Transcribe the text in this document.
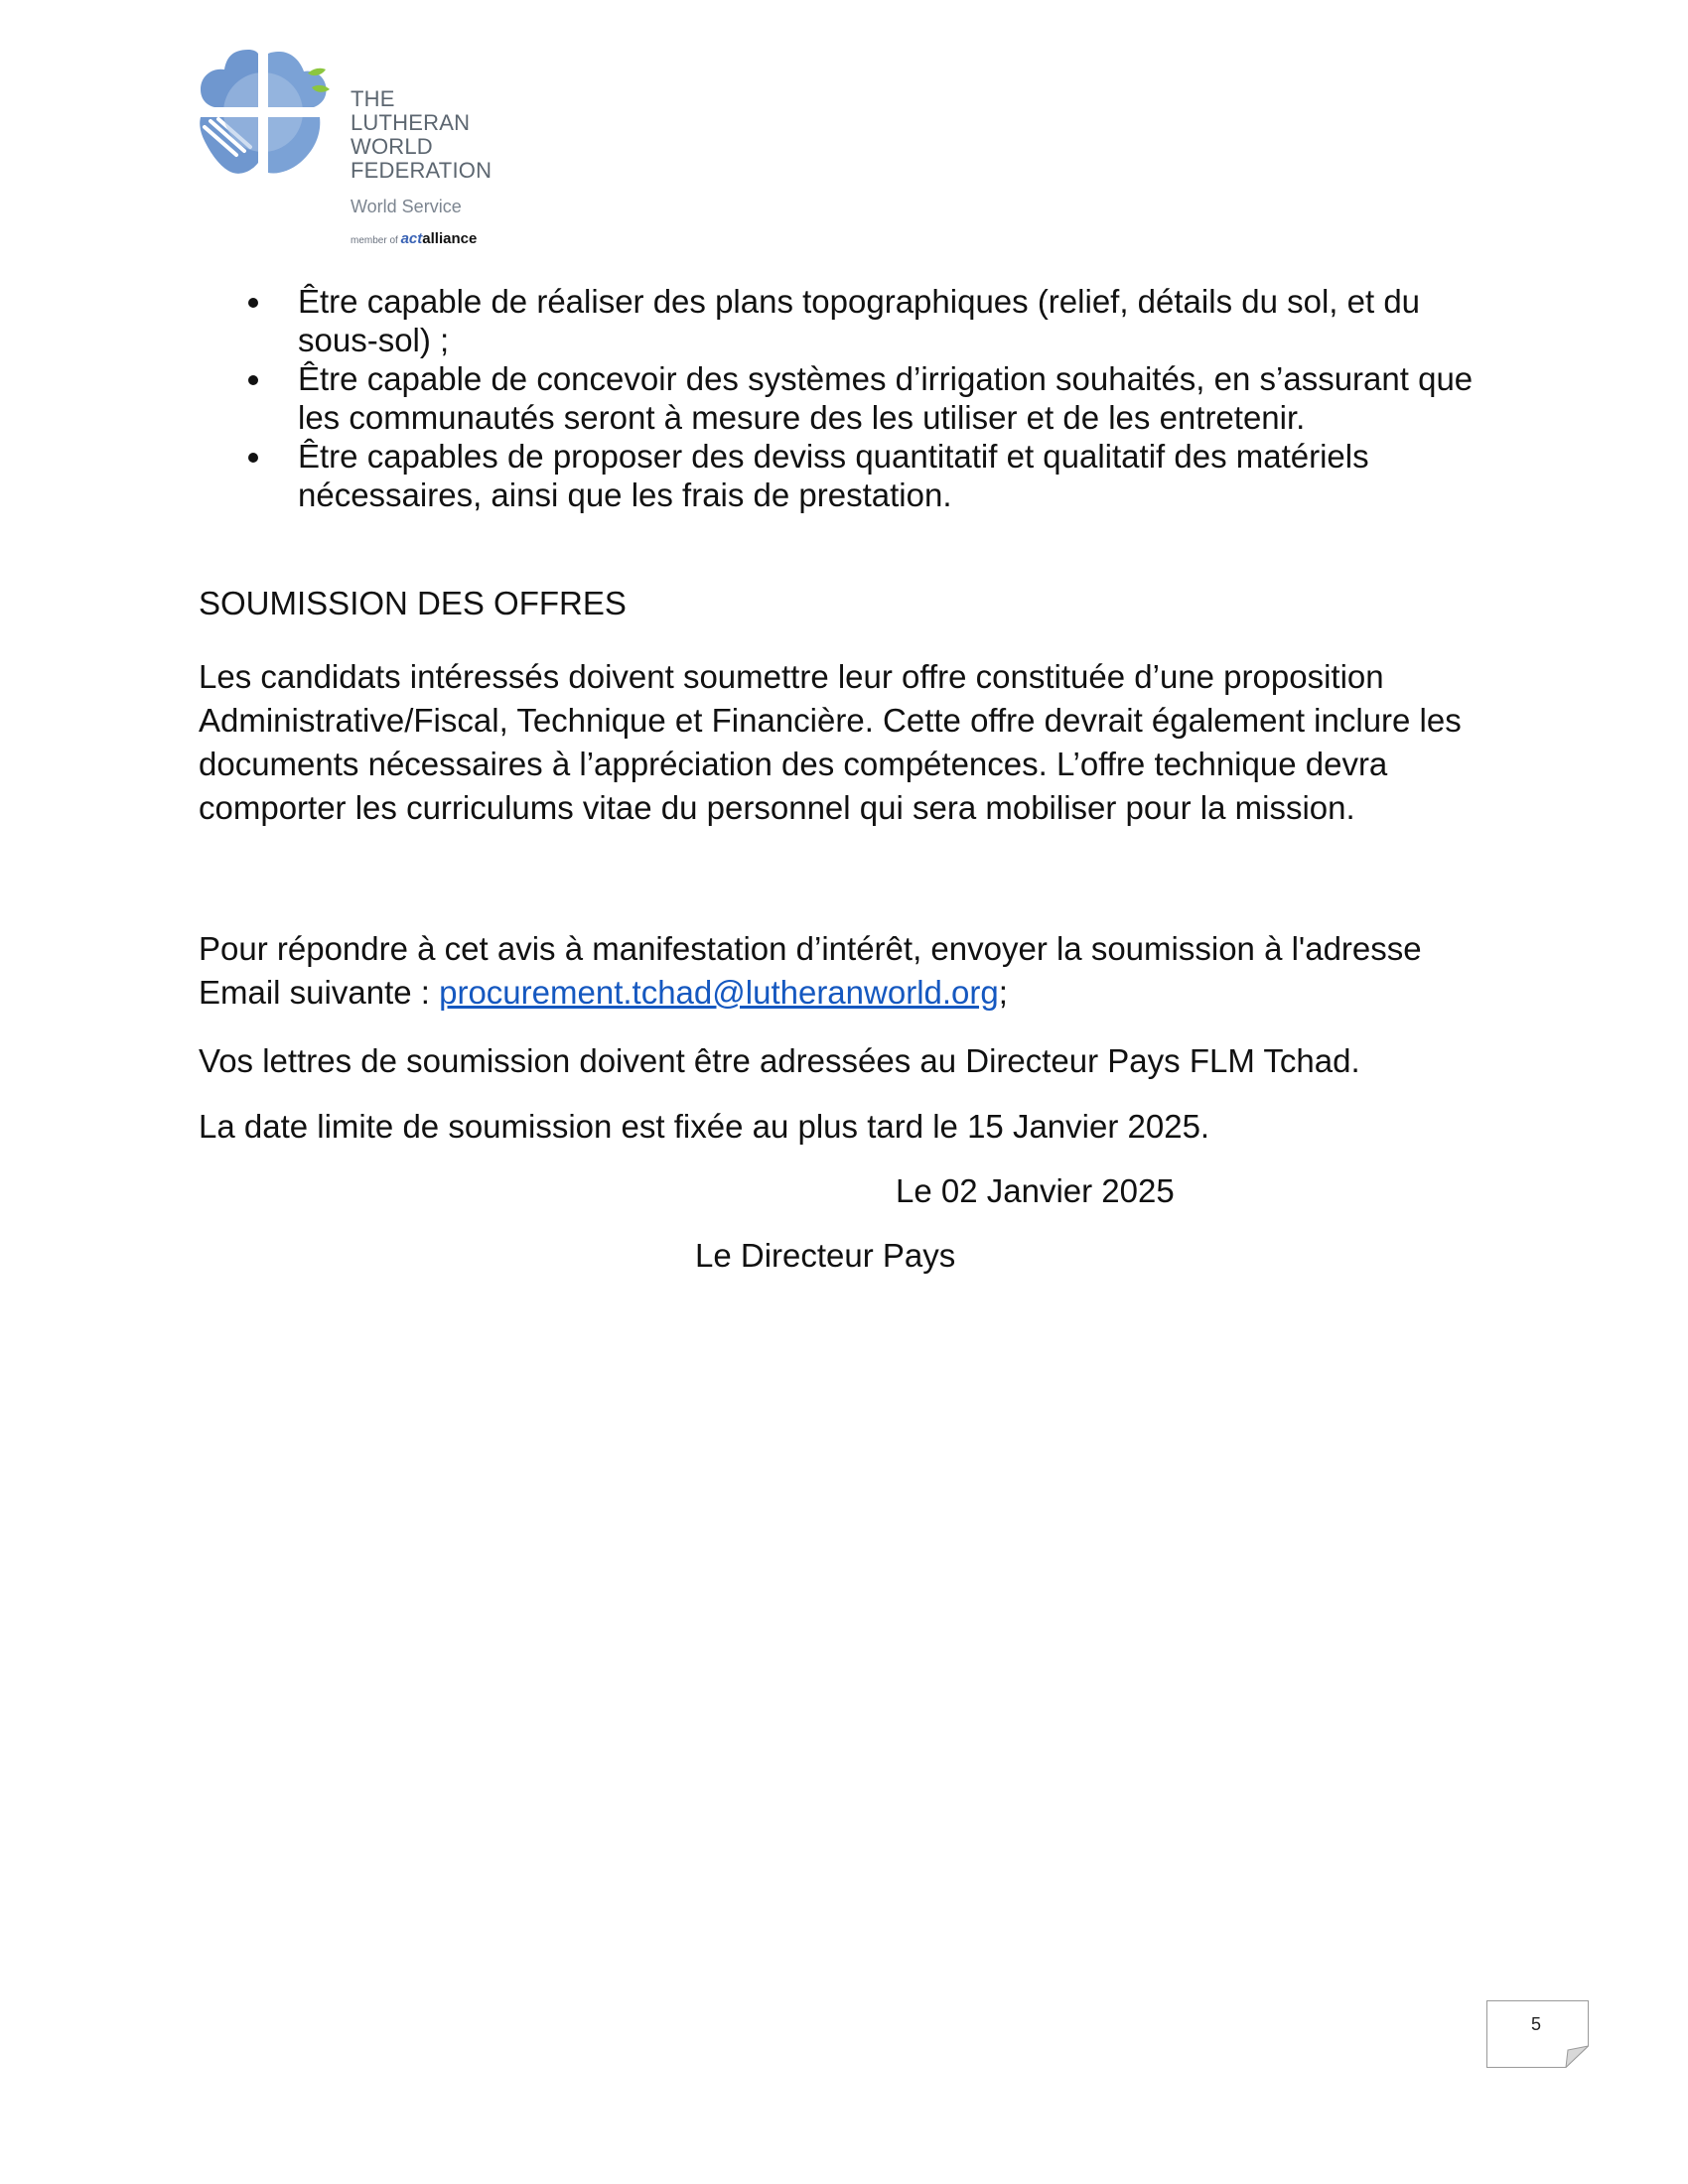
THE
LUTHERAN
WORLD
FEDERATION
World Service
member of actalliance
Être capable de réaliser des plans topographiques (relief, détails du sol, et du
sous-sol) ;
Être capable de concevoir des systèmes d’irrigation souhaités, en s’assurant que
les communautés seront à mesure des les utiliser et de les entretenir.
Être capables de proposer des deviss quantitatif et qualitatif des matériels
nécessaires, ainsi que les frais de prestation.
SOUMISSION DES OFFRES
Les candidats intéressés doivent soumettre leur offre constituée d’une proposition
Administrative/Fiscal, Technique et Financière. Cette offre devrait également inclure les
documents nécessaires à l’appréciation des compétences. L’offre technique devra
comporter les curriculums vitae du personnel qui sera mobiliser pour la mission.
Pour répondre à cet avis à manifestation d’intérêt, envoyer la soumission à l'adresse
Email suivante : procurement.tchad@lutheranworld.org;
Vos lettres de soumission doivent être adressées au Directeur Pays FLM Tchad.
La date limite de soumission est fixée au plus tard le 15 Janvier 2025.
Le 02 Janvier 2025
Le Directeur Pays
5
